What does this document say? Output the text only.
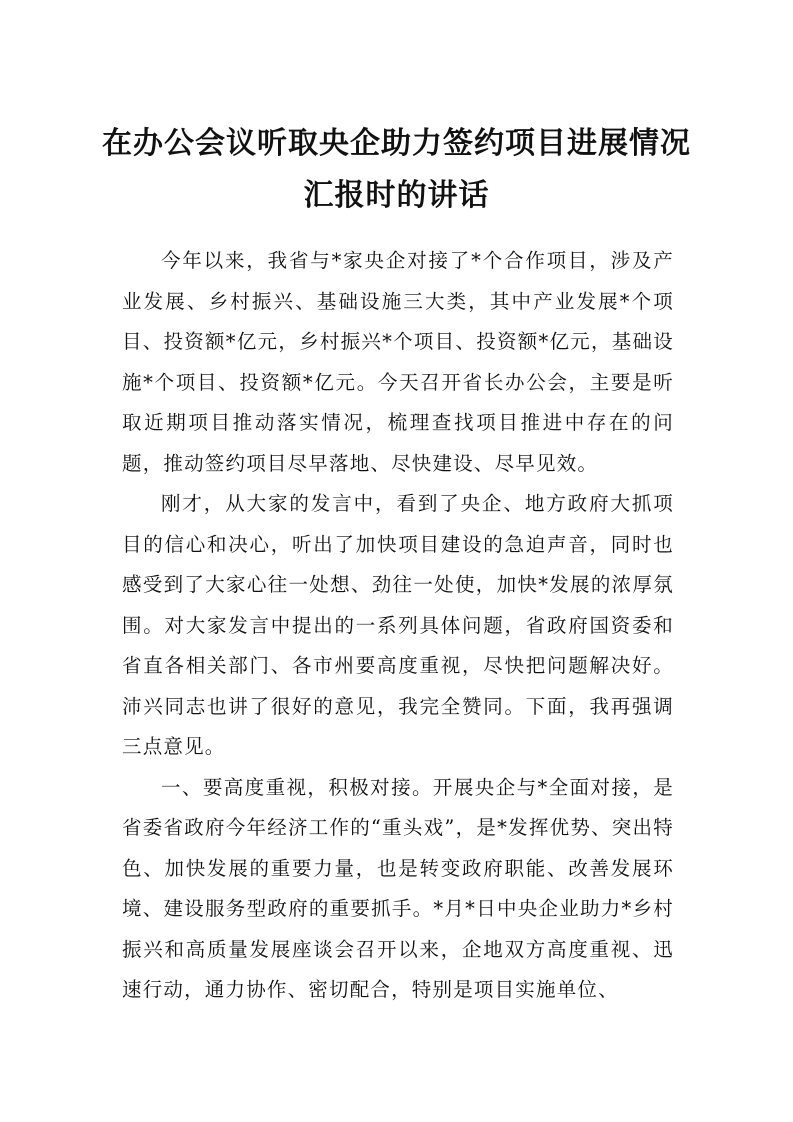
在办公会议听取央企助力签约项目进展情况汇报时的讲话

今年以来，我省与*家央企对接了*个合作项目，涉及产业发展、乡村振兴、基础设施三大类，其中产业发展*个项目、投资额*亿元，乡村振兴*个项目、投资额*亿元，基础设施*个项目、投资额*亿元。今天召开省长办公会，主要是听取近期项目推动落实情况，梳理查找项目推进中存在的问题，推动签约项目尽早落地、尽快建设、尽早见效。

刚才，从大家的发言中，看到了央企、地方政府大抓项目的信心和决心，听出了加快项目建设的急迫声音，同时也感受到了大家心往一处想、劲往一处使，加快*发展的浓厚氛围。对大家发言中提出的一系列具体问题，省政府国资委和省直各相关部门、各市州要高度重视，尽快把问题解决好。沛兴同志也讲了很好的意见，我完全赞同。下面，我再强调三点意见。

一、要高度重视，积极对接。开展央企与*全面对接，是省委省政府今年经济工作的“重头戏”，是*发挥优势、突出特色、加快发展的重要力量，也是转变政府职能、改善发展环境、建设服务型政府的重要抓手。*月*日中央企业助力*乡村振兴和高质量发展座谈会召开以来，企地双方高度重视、迅速行动，通力协作、密切配合，特别是项目实施单位、
